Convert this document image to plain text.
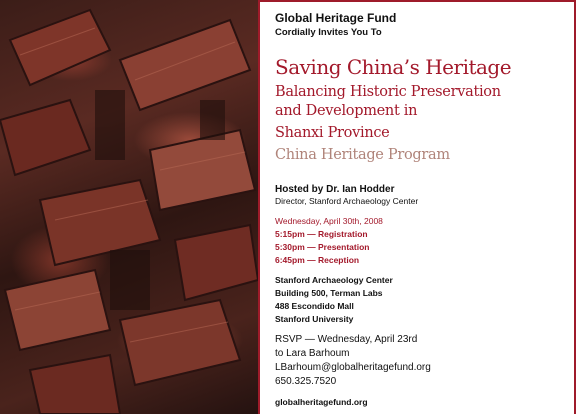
Global Heritage Fund
Cordially Invites You To
Saving China’s Heritage
Balancing Historic Preservation
and Development in
Shanxi Province
China Heritage Program
Hosted by Dr. Ian Hodder
Director, Stanford Archaeology Center
Wednesday, April 30th, 2008
5:15pm — Registration
5:30pm — Presentation
6:45pm — Reception
Stanford Archaeology Center
Building 500, Terman Labs
488 Escondido Mall
Stanford University
RSVP — Wednesday, April 23rd
to Lara Barhoum
LBarhoum@globalheritagefund.org
650.325.7520
globalheritagefund.org
